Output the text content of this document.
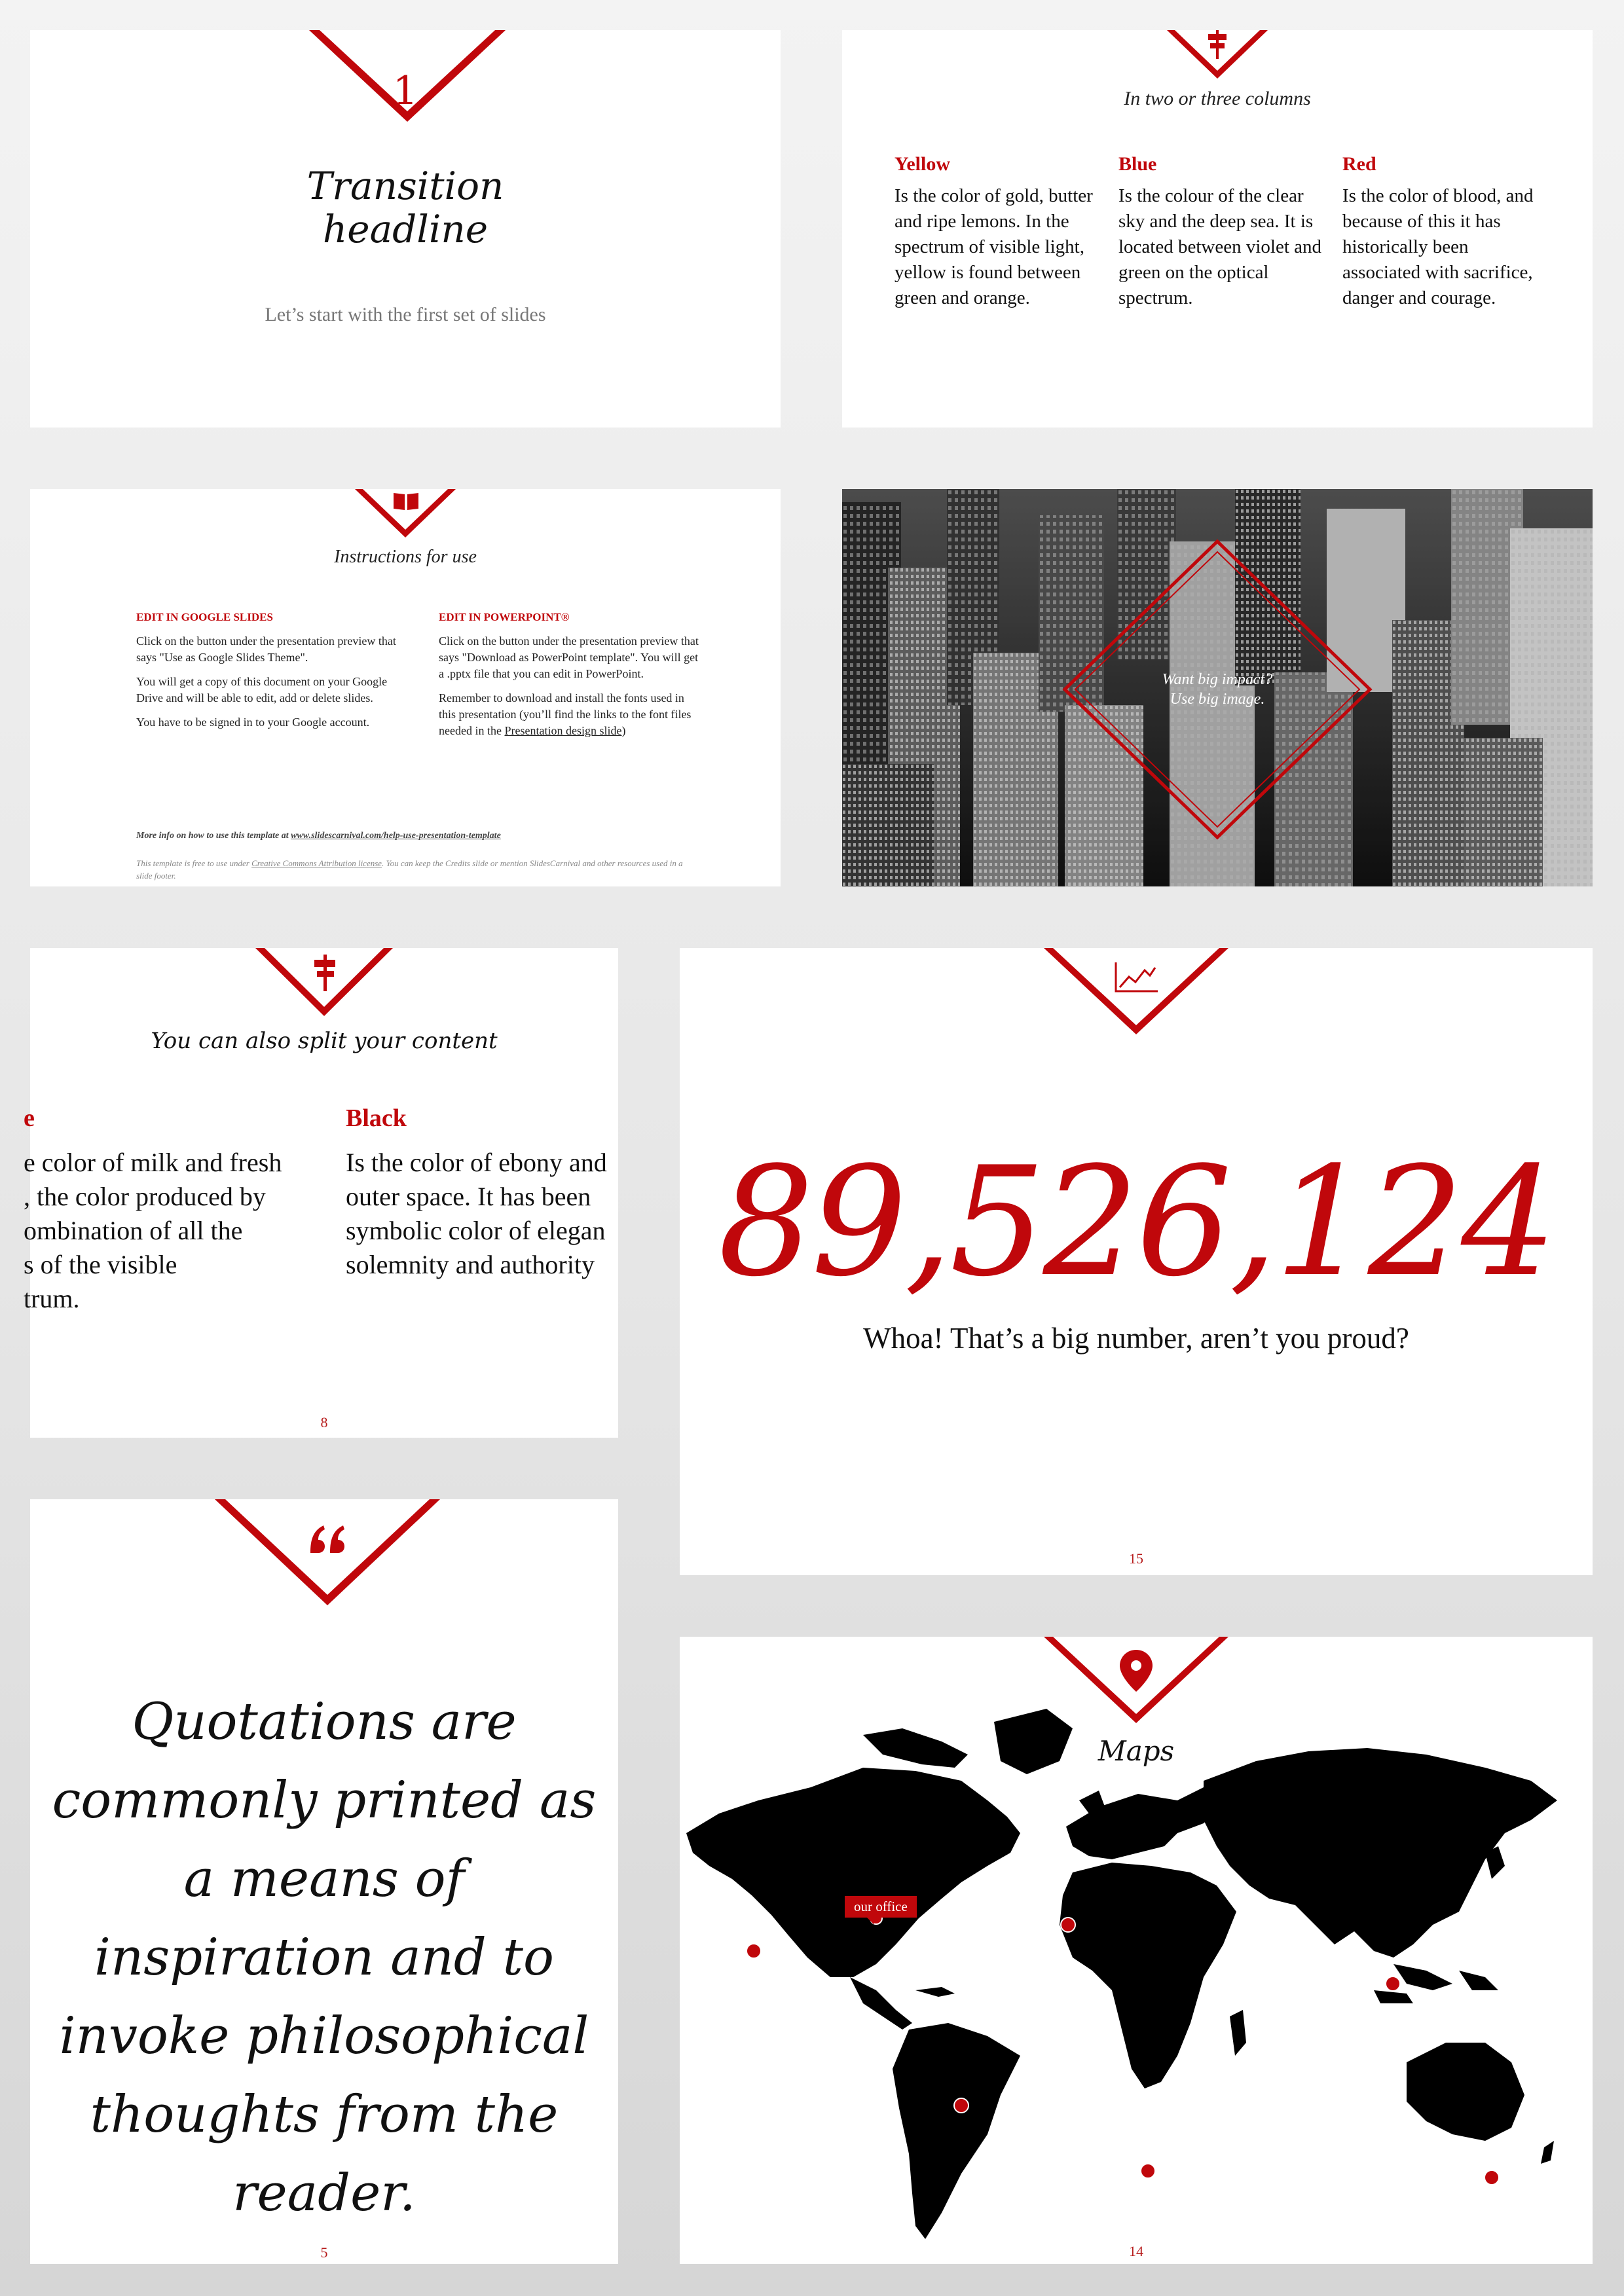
1
Transition
headline
Let’s start with the first set of slides
In two or three columns
Yellow
Is the color of gold, butter and ripe lemons. In the spectrum of visible light, yellow is found between green and orange.
Blue
Is the colour of the clear sky and the deep sea. It is located between violet and green on the optical spectrum.
Red
Is the color of blood, and because of this it has historically been associated with sacrifice, danger and courage.
Instructions for use
EDIT IN GOOGLE SLIDES

Click on the button under the presentation preview that says "Use as Google Slides Theme".

You will get a copy of this document on your Google Drive and will be able to edit, add or delete slides.

You have to be signed in to your Google account.

EDIT IN POWERPOINT®

Click on the button under the presentation preview that says "Download as PowerPoint template". You will get a .pptx file that you can edit in PowerPoint.

Remember to download and install the fonts used in this presentation (you’ll find the links to the font files needed in the Presentation design slide)

More info on how to use this template at www.slidescarnival.com/help-use-presentation-template
This template is free to use under Creative Commons Attribution license. You can keep the Credits slide or mention SlidesCarnival and other resources used in a slide footer.
Want big impact?
Use big image.
You can also split your content
e
e color of milk and fresh
, the color produced by
ombination of all the
s of the visible
trum.
Black
Is the color of ebony and
outer space. It has been
symbolic color of elegan
solemnity and authority
8
89,526,124
Whoa! That’s a big number, aren’t you proud?
15
Quotations are commonly printed as a means of inspiration and to invoke philosophical thoughts from the reader.
5
Maps
our office
14
